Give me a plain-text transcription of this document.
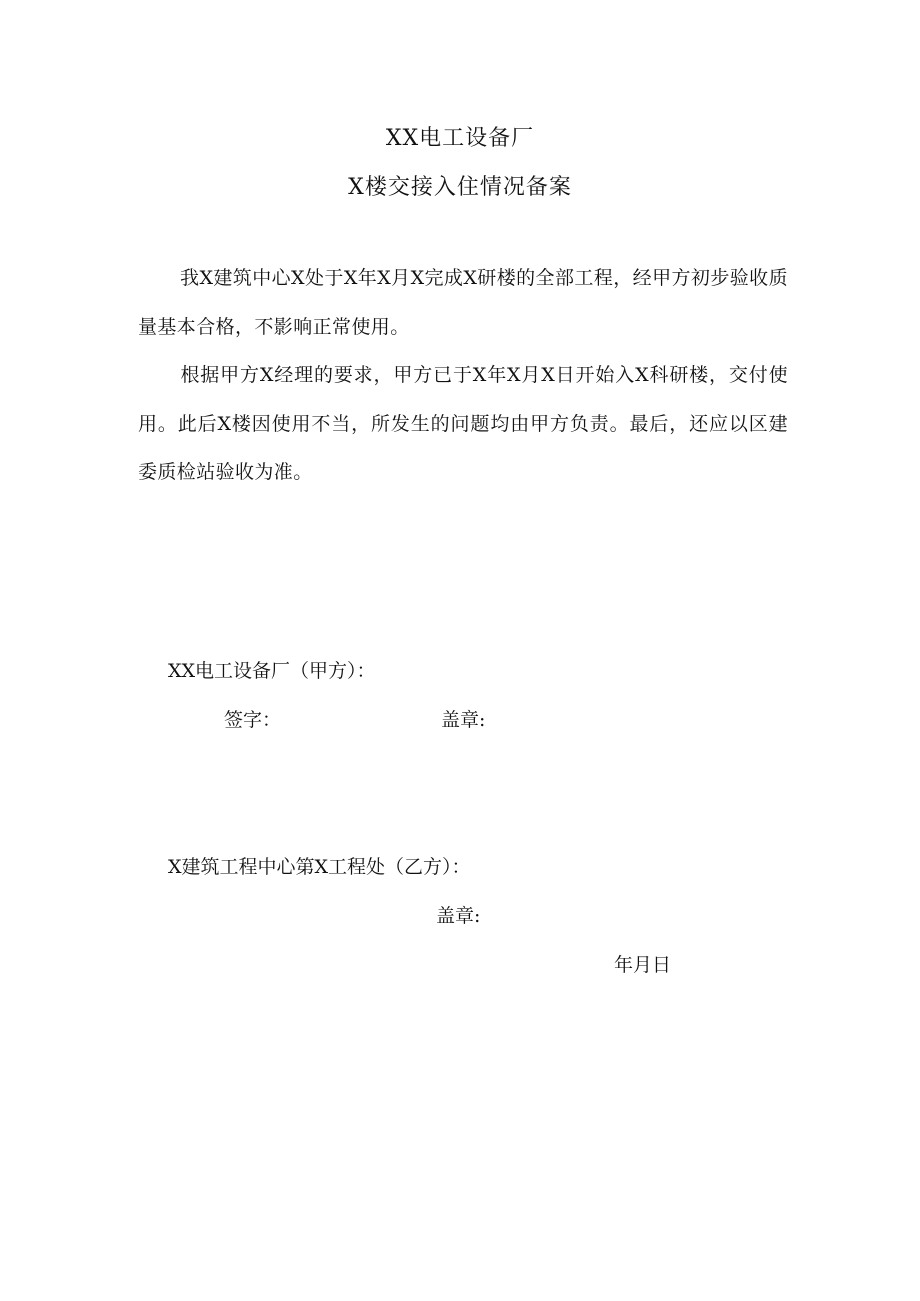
XX电工设备厂
X楼交接入住情况备案
我X建筑中心X处于X年X月X完成X研楼的全部工程，经甲方初步验收质量基本合格，不影响正常使用。
根据甲方X经理的要求，甲方已于X年X月X日开始入X科研楼，交付使用。此后X楼因使用不当，所发生的问题均由甲方负责。最后，还应以区建委质检站验收为准。
XX电工设备厂（甲方）：
签字：	盖章:
X建筑工程中心第X工程处（乙方）：
盖章:
年月日
